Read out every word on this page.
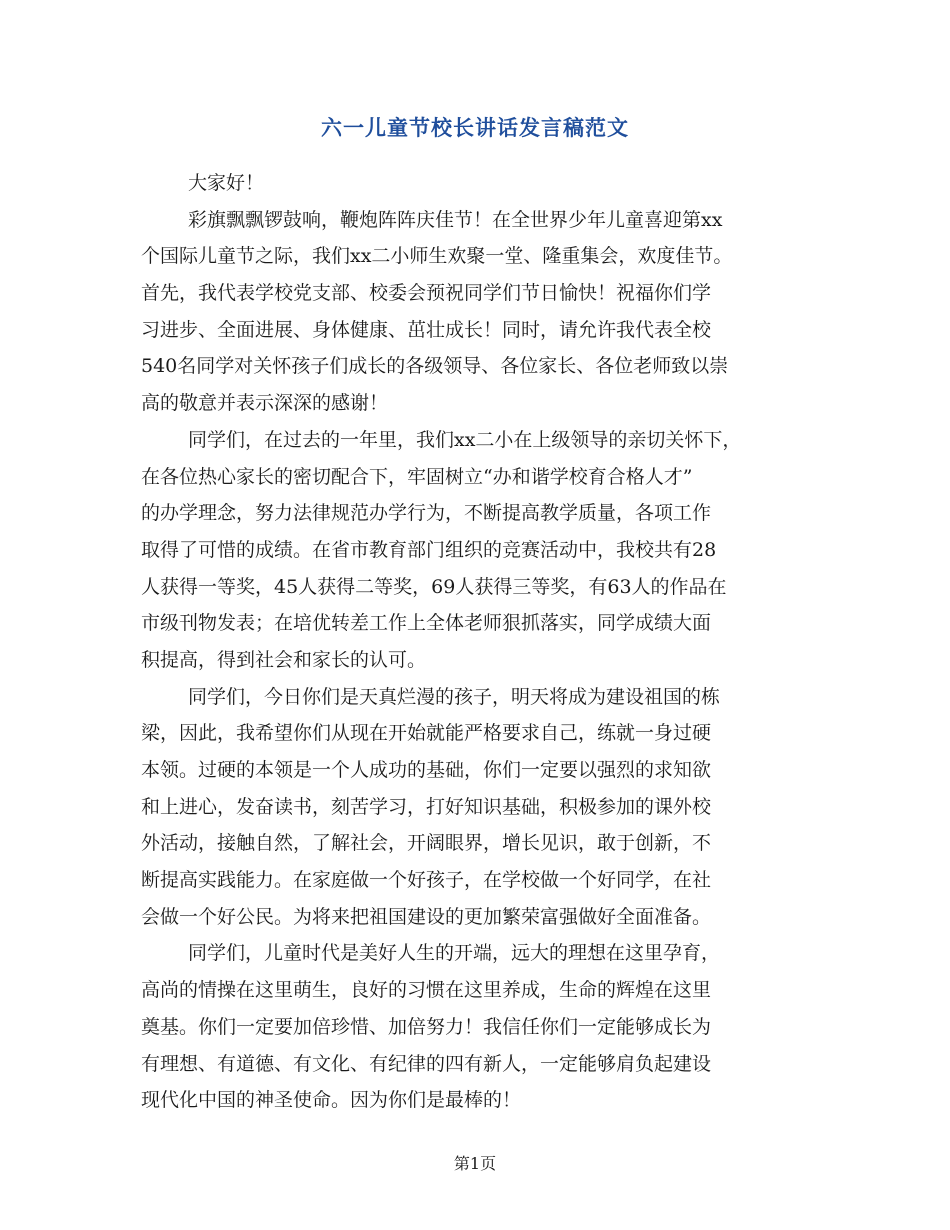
六一儿童节校长讲话发言稿范文
大家好！
彩旗飘飘锣鼓响，鞭炮阵阵庆佳节！在全世界少年儿童喜迎第xx
个国际儿童节之际，我们xx二小师生欢聚一堂、隆重集会，欢度佳节。
首先，我代表学校党支部、校委会预祝同学们节日愉快！祝福你们学
习进步、全面进展、身体健康、茁壮成长！同时，请允许我代表全校
540名同学对关怀孩子们成长的各级领导、各位家长、各位老师致以崇
高的敬意并表示深深的感谢！
同学们，在过去的一年里，我们xx二小在上级领导的亲切关怀下，
在各位热心家长的密切配合下，牢固树立“办和谐学校育合格人才”
的办学理念，努力法律规范办学行为，不断提高教学质量，各项工作
取得了可惜的成绩。在省市教育部门组织的竞赛活动中，我校共有28
人获得一等奖，45人获得二等奖，69人获得三等奖，有63人的作品在
市级刊物发表；在培优转差工作上全体老师狠抓落实，同学成绩大面
积提高，得到社会和家长的认可。
同学们，今日你们是天真烂漫的孩子，明天将成为建设祖国的栋
梁，因此，我希望你们从现在开始就能严格要求自己，练就一身过硬
本领。过硬的本领是一个人成功的基础，你们一定要以强烈的求知欲
和上进心，发奋读书，刻苦学习，打好知识基础，积极参加的课外校
外活动，接触自然，了解社会，开阔眼界，增长见识，敢于创新，不
断提高实践能力。在家庭做一个好孩子，在学校做一个好同学，在社
会做一个好公民。为将来把祖国建设的更加繁荣富强做好全面准备。
同学们，儿童时代是美好人生的开端，远大的理想在这里孕育，
高尚的情操在这里萌生，良好的习惯在这里养成，生命的辉煌在这里
奠基。你们一定要加倍珍惜、加倍努力！我信任你们一定能够成长为
有理想、有道德、有文化、有纪律的四有新人，一定能够肩负起建设
现代化中国的神圣使命。因为你们是最棒的！
第1页
